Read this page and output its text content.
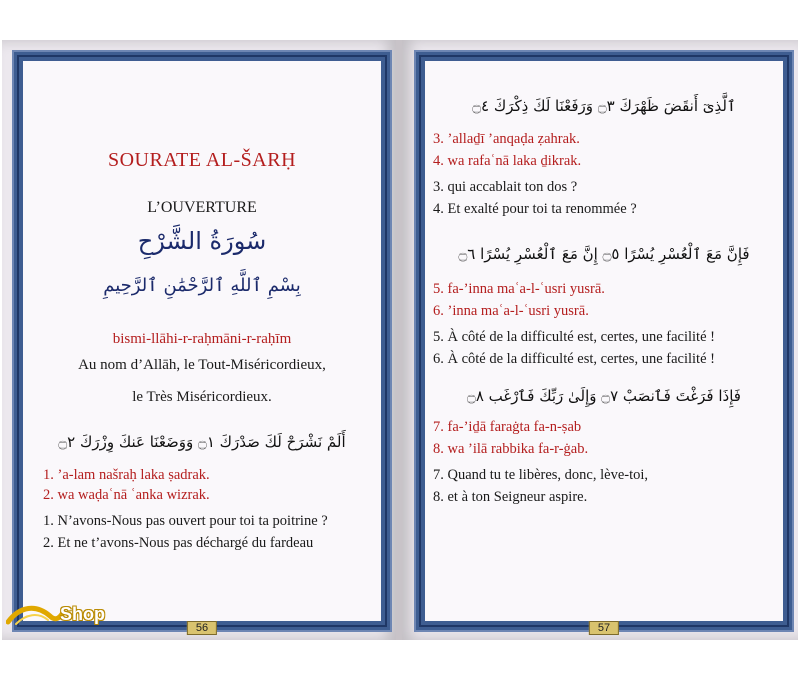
SOURATE AL-ŠARḤ
L’OUVERTURE
سُورَةُ الشَّرْحِ
بِسْمِ ٱللَّهِ ٱلرَّحْمَٰنِ ٱلرَّحِيمِ
bismi-llāhi-r-raḥmāni-r-raḥīm
Au nom d’Allāh, le Tout-Miséricordieux,
le Très Miséricordieux.
أَلَمْ نَشْرَحْ لَكَ صَدْرَكَ ۝١ وَوَضَعْنَا عَنكَ وِزْرَكَ ۝٢
1. ’a-lam našraḥ laka ṣadrak.
2. wa waḍaʿnā ʿanka wizrak.
1. N’avons-Nous pas ouvert pour toi ta poitrine ?
2. Et ne t’avons-Nous pas déchargé du fardeau
56
ٱلَّذِىٓ أَنقَضَ ظَهْرَكَ ۝٣ وَرَفَعْنَا لَكَ ذِكْرَكَ ۝٤
3. ’allaḏī ’anqaḍa ẓahrak.
4. wa rafaʿnā laka ḏikrak.
3. qui accablait ton dos ?
4. Et exalté pour toi ta renommée ?
فَإِنَّ مَعَ ٱلْعُسْرِ يُسْرًا ۝٥ إِنَّ مَعَ ٱلْعُسْرِ يُسْرًا ۝٦
5. fa-’inna maʿa-l-ʿusri yusrā.
6. ’inna maʿa-l-ʿusri yusrā.
5. À côté de la difficulté est, certes, une facilité !
6. À côté de la difficulté est, certes, une facilité !
فَإِذَا فَرَغْتَ فَٱنصَبْ ۝٧ وَإِلَىٰ رَبِّكَ فَٱرْغَب ۝٨
7. fa-’iḏā faraġta fa-n-ṣab
8. wa ’ilā rabbika fa-r-ġab.
7. Quand tu te libères, donc, lève-toi,
8. et à ton Seigneur aspire.
57
Shop
